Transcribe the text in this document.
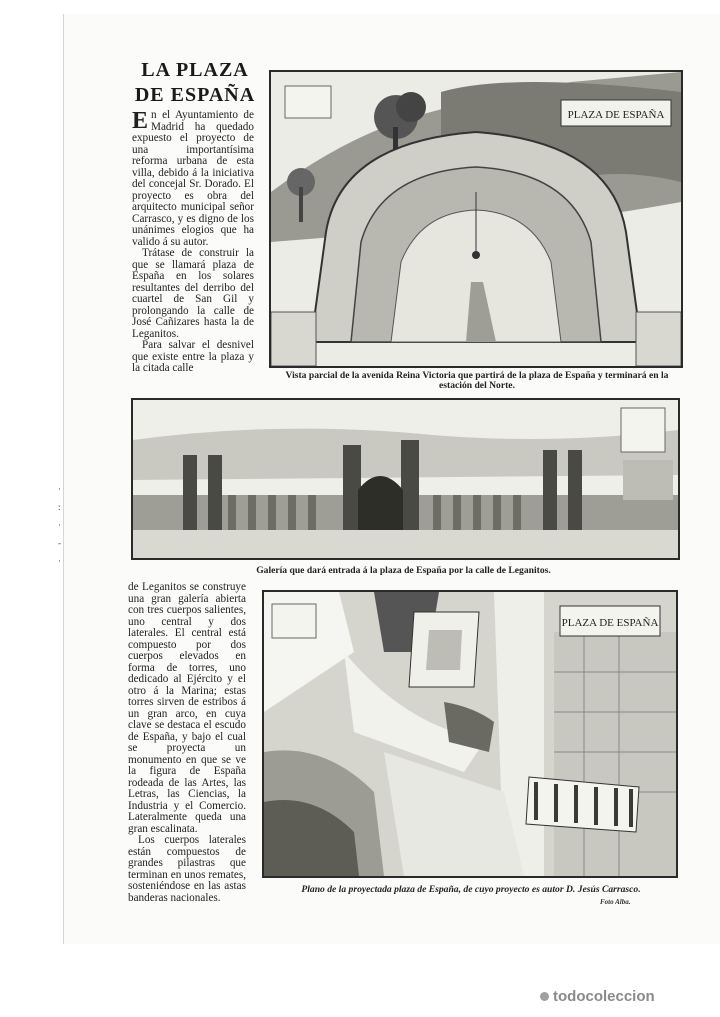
·
:
·
-
·
LA PLAZA
DE ESPAÑA

En el Ayuntamiento de Madrid ha quedado expuesto el proyecto de una importantísima reforma urbana de esta villa, debido á la iniciativa del concejal Sr. Dorado. El proyecto es obra del arquitecto municipal señor Carrasco, y es digno de los unánimes elogios que ha valido á su autor.

Trátase de construir la que se llamará plaza de España en los solares resultantes del derribo del cuartel de San Gil y prolongando la calle de José Cañizares hasta la de Leganitos.

Para salvar el desnivel que existe entre la plaza y la citada calle

de Leganitos se construye una gran galería abierta con tres cuerpos salientes, uno central y dos laterales. El central está compuesto por dos cuerpos elevados en forma de torres, uno dedicado al Ejército y el otro á la Marina; estas torres sirven de estribos á un gran arco, en cuya clave se destaca el escudo de España, y bajo el cual se proyecta un monumento en que se ve la figura de España rodeada de las Artes, las Letras, las Ciencias, la Industria y el Comercio. Lateralmente queda una gran escalinata.

Los cuerpos laterales están compuestos de grandes pilastras que terminan en unos remates, sosteniéndose en las astas banderas nacionales.

PLAZA DE ESPAÑA

Vista parcial de la avenida Reina Victoria que partirá de la plaza de España y terminará en la estación del Norte.

Galería que dará entrada á la plaza de España por la calle de Leganitos.

PLAZA DE ESPAÑA

Plano de la proyectada plaza de España, de cuyo proyecto es autor D. Jesús Carrasco.

Foto Alba.
todocoleccion
